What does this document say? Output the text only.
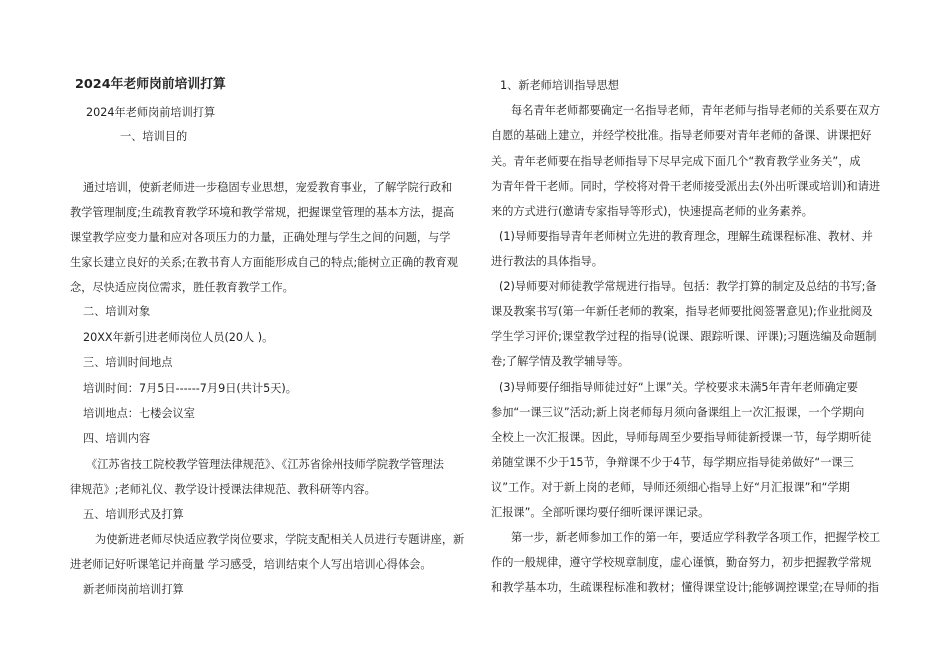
2024年老师岗前培训打算
2024年老师岗前培训打算
一、培训目的
通过培训，使新老师进一步稳固专业思想，宠爱教育事业，了解学院行政和
教学管理制度;生疏教育教学环境和教学常规，把握课堂管理的基本方法，提高
课堂教学应变力量和应对各项压力的力量，正确处理与学生之间的问题，与学
生家长建立良好的关系;在教书育人方面能形成自己的特点;能树立正确的教育观
念，尽快适应岗位需求，胜任教育教学工作。
二、培训对象
20XX年新引进老师岗位人员(20人 )。
三、培训时间地点
培训时间：7月5日------7月9日(共计5天)。
培训地点：七楼会议室
四、培训内容
《江苏省技工院校教学管理法律规范》、《江苏省徐州技师学院教学管理法
律规范》;老师礼仪、教学设计授课法律规范、教科研等内容。
五、培训形式及打算
为使新进老师尽快适应教学岗位要求，学院支配相关人员进行专题讲座，新
进老师记好听课笔记并商量 学习感受，培训结束个人写出培训心得体会。
新老师岗前培训打算
1、新老师培训指导思想
每名青年老师都要确定一名指导老师，青年老师与指导老师的关系要在双方
自愿的基础上建立，并经学校批准。指导老师要对青年老师的备课、讲课把好
关。青年老师要在指导老师指导下尽早完成下面几个“教育教学业务关”，成
为青年骨干老师。同时，学校将对骨干老师接受派出去(外出听课或培训)和请进
来的方式进行(邀请专家指导等形式)，快速提高老师的业务素养。
(1)导师要指导青年老师树立先进的教育理念，理解生疏课程标准、教材、并
进行教法的具体指导。
(2)导师要对师徒教学常规进行指导。包括：教学打算的制定及总结的书写;备
课及教案书写(第一年新任老师的教案，指导老师要批阅签署意见);作业批阅及
学生学习评价;课堂教学过程的指导(说课、跟踪听课、评课);习题选编及命题制
卷;了解学情及教学辅导等。
(3)导师要仔细指导师徒过好“上课”关。学校要求未满5年青年老师确定要
参加“一课三议”活动;新上岗老师每月须向备课组上一次汇报课，一个学期向
全校上一次汇报课。因此，导师每周至少要指导师徒新授课一节，每学期听徒
弟随堂课不少于15节，争辩课不少于4节，每学期应指导徒弟做好“一课三
议”工作。对于新上岗的老师，导师还须细心指导上好“月汇报课”和“学期
汇报课”。全部听课均要仔细听课评课记录。
第一步，新老师参加工作的第一年，要适应学科教学各项工作，把握学校工
作的一般规律，遵守学校规章制度，虚心谨慎，勤奋努力，初步把握教学常规
和教学基本功，生疏课程标准和教材；懂得课堂设计;能够调控课堂;在导师的指
